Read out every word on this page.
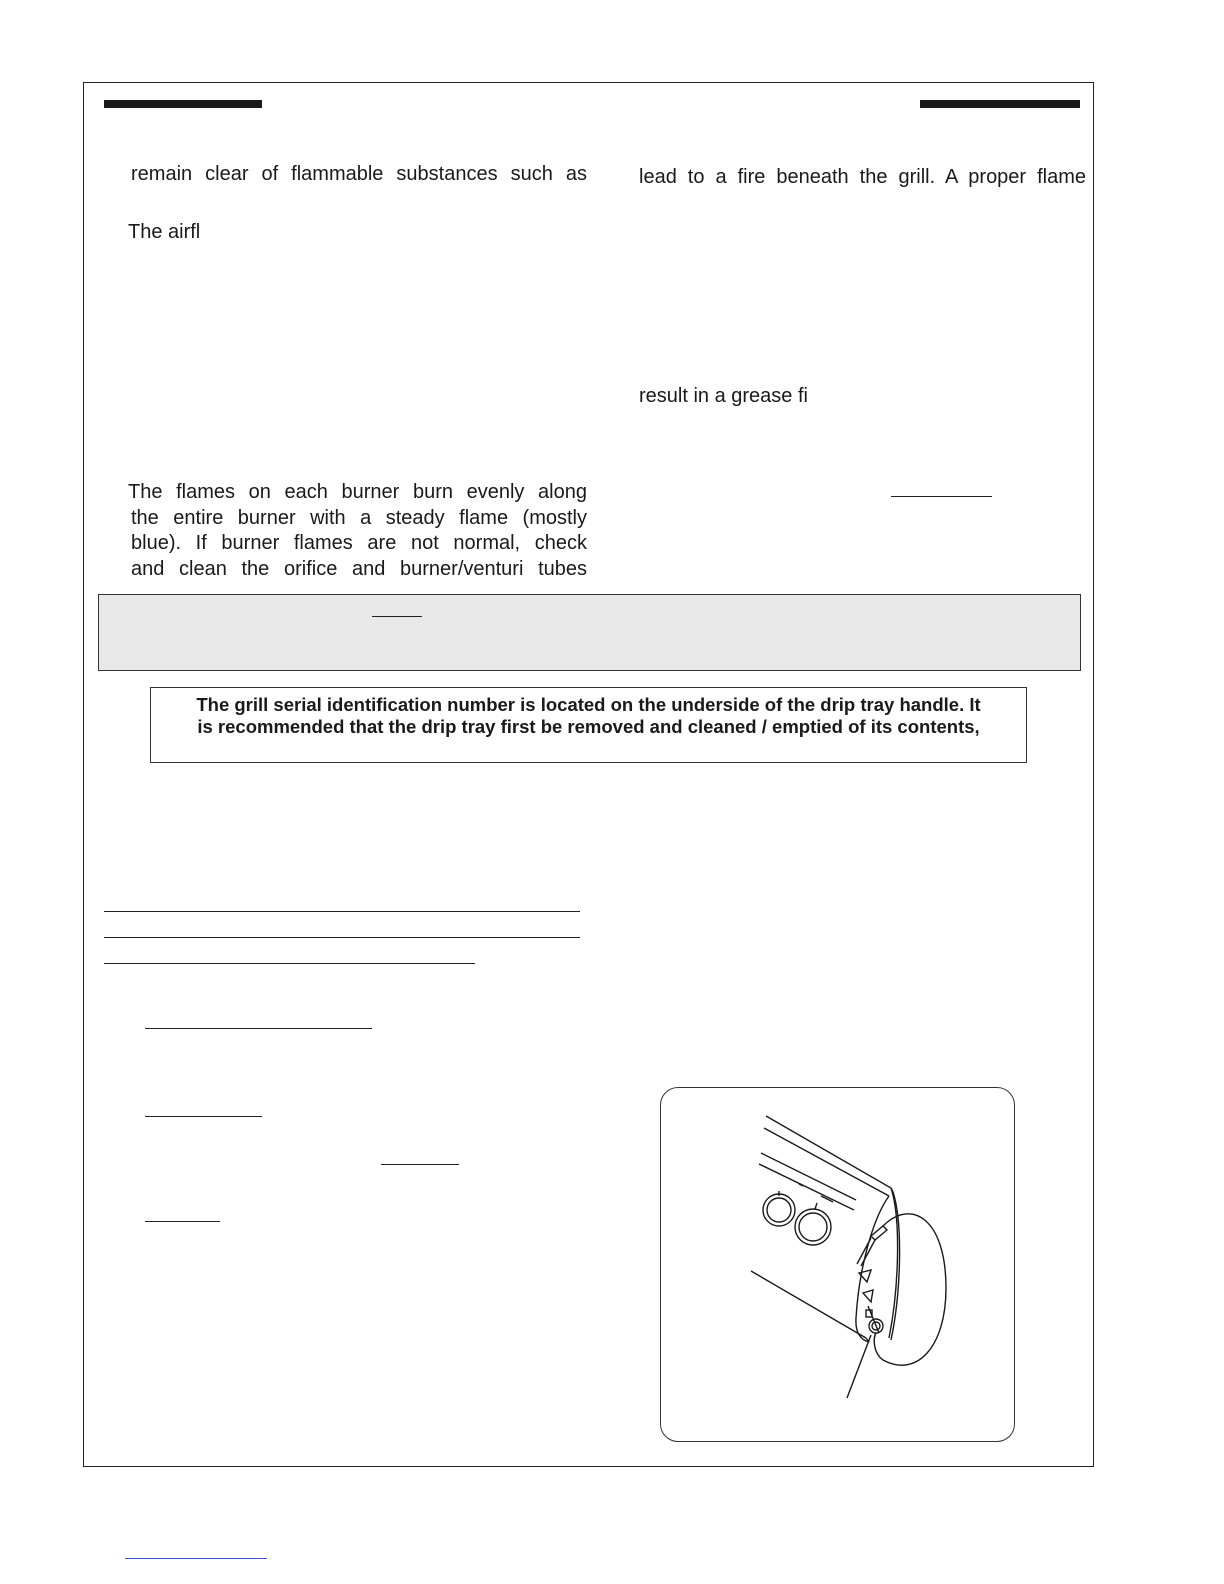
remain clear of flammable substances such as

The airfl

The flames on each burner burn evenly along
the entire burner with a steady flame (mostly
blue). If burner flames are not normal, check
and clean the orifice and burner/venturi tubes

lead to a fire beneath the grill. A proper flame

result in a grease fi

The grill serial identification number is located on the underside of the drip tray handle. It
is recommended that the drip tray first be removed and cleaned / emptied of its contents,
